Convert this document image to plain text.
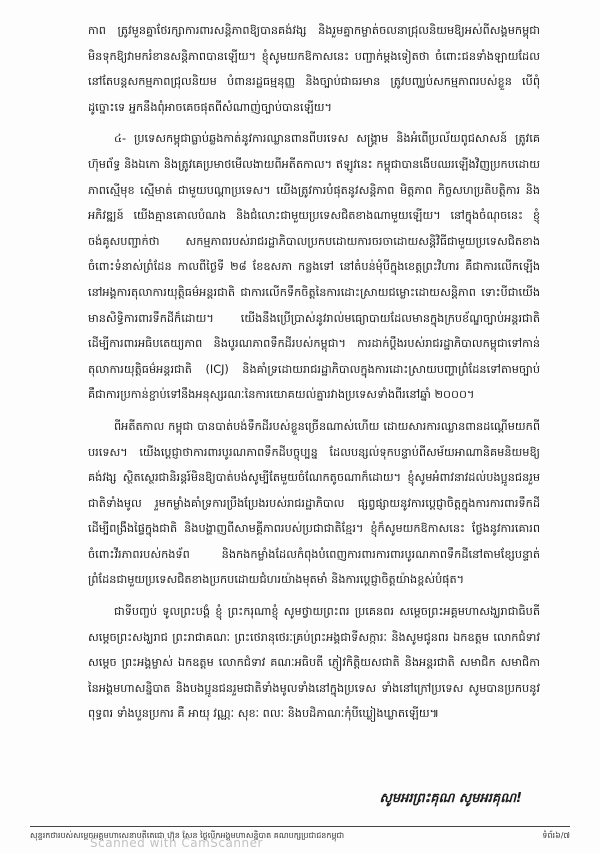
កាព ត្រូវមួនគ្នាថែរក្សាការពារសន្តិភាពឱ្យបានគង់វង្ស និងរួមគ្នាកម្ចាត់ចលនាជ្រុលនិយមឱ្យអស់ពីសង្គមកម្ពុជា មិនទុកឱ្យវាមករំខានសន្តិភាពបានឡើយ។ ខ្ញុំសូមយកឱកាសនេះ បញ្ជាក់ម្តងទៀតថា ចំពោះជនទាំងឡាយដែលនៅតែបន្តសកម្មភាពជ្រុលនិយម បំពានរដ្ឋធម្មនុញ្ញ និងច្បាប់ជាធរមាន ត្រូវបញ្ឈប់សកម្មភាពរបស់ខ្លួន បើពុំដូច្នោះទេ អ្នកនឹងពុំអាចគេចផុតពីសំណាញ់ច្បាប់បានឡើយ។

៤- ប្រទេសកម្ពុជាធ្លាប់ឆ្លងកាត់នូវការឈ្លានពានពីបរទេស សង្គ្រាម និងអំពើប្រល័យពូជសាសន៍ ត្រូវគេហ៊ុមព័ទ្ធ និងឯកោ និងត្រូវគេប្រមាថមើលងាយពីអតីតកាល។ ឥឡូវនេះ កម្ពុជាបានងើបឈរឡើងវិញប្រកបដោយភាពស្មើមុខ ស្មើមាត់ ជាមួយបណ្តាប្រទេស។ យើងត្រូវការបំផុតនូវសន្តិភាព មិត្តភាព កិច្ចសហប្រតិបត្តិការ និងអភិវឌ្ឍន៍ យើងគ្មានគោលបំណង និងជំលោះជាមួយប្រទេសជិតខាងណាមួយឡើយ។ នៅក្នុងចំណុចនេះ ខ្ញុំចង់គូសបញ្ជាក់ថា សកម្មភាពរបស់រាជរដ្ឋាភិបាលប្រកបដោយការចរចាដោយសន្តិវិធីជាមួយប្រទេសជិតខាង ចំពោះទំនាស់ព្រំដែន កាលពីថ្ងៃទី ២៨ ខែឧសភា កន្លងទៅ នៅតំបន់មុំបីក្នុងខេត្តព្រះវិហារ គឺជាការលើកឡើងនៅអង្គការតុលាការយុត្តិធម៌អន្តរជាតិ ជាការលើកទឹកចិត្តនៃការដោះស្រាយជម្លោះដោយសន្តិភាព ទោះបីជាយើងមានសិទ្ធិការពារទឹកដីក៏ដោយ។ យើងនឹងប្រើប្រាស់នូវរាល់មធ្យោបាយដែលមានក្នុងក្របខ័ណ្ឌច្បាប់អន្តរជាតិ ដើម្បីការពារអធិបតេយ្យភាព និងបូរណភាពទឹកដីរបស់កម្ពុជា។ ការដាក់ប្តឹងរបស់រាជរដ្ឋាភិបាលកម្ពុជាទៅកាន់តុលាការយុត្តិធម៌អន្តរជាតិ (ICJ) និងគាំទ្រដោយរាជរដ្ឋាភិបាលក្នុងការដោះស្រាយបញ្ហាព្រំដែនទៅតាមច្បាប់ គឺជាការប្រកាន់ខ្ជាប់ទៅនឹងអនុស្សរណៈនៃការយោគយល់គ្នារវាងប្រទេសទាំងពីរនៅឆ្នាំ ២០០០។

ពីអតីតកាល កម្ពុជា បានបាត់បង់ទឹកដីរបស់ខ្លួនច្រើនណាស់ហើយ ដោយសារការឈ្លានពានដណ្តើមយកពីបរទេស។ យើងប្តេជ្ញាថាការពារបូរណភាពទឹកដីបច្ចុប្បន្ន ដែលបន្សល់ទុកបន្ទាប់ពីសម័យអាណានិគមនិយមឱ្យគង់វង្ស ស្ថិតស្ថេរជានិរន្តរ៍មិនឱ្យបាត់បង់សូម្បីតែមួយចំណែកតូចណាក៏ដោយ។ ខ្ញុំសូមអំពាវនាវដល់បងប្អូនជនរួមជាតិទាំងមូល រួមកម្លាំងគាំទ្រការប្រឹងប្រែងរបស់រាជរដ្ឋាភិបាល ផ្សព្វផ្សាយនូវការប្តេជ្ញាចិត្តក្នុងការការពារទឹកដី ដើម្បីពង្រឹងផ្ទៃក្នុងជាតិ និងបង្ហាញពីសាមគ្គីភាពរបស់ប្រជាជាតិខ្មែរ។ ខ្ញុំក៏សូមយកឱកាសនេះ ថ្លែងនូវការគោរពចំពោះវីរភាពរបស់កងទ័ព និងកងកម្លាំងដែលកំពុងបំពេញការពារការពារបូរណភាពទឹកដីនៅតាមខ្សែបន្ទាត់ព្រំដែនជាមួយប្រទេសជិតខាងប្រកបដោយជំហរយ៉ាងមុតមាំ និងការប្តេជ្ញាចិត្តយ៉ាងខ្ពស់បំផុត។

ជាទីបញ្ចប់ ទូលព្រះបង្គំ ខ្ញុំ ព្រះករុណាខ្ញុំ សូមថ្វាយព្រះពរ ប្រគេនពរ សម្តេចព្រះអគ្គមហាសង្ឃរាជាធិបតី សម្តេចព្រះសង្ឃរាជ ព្រះរាជាគណៈ ព្រះថេរានុថេរៈគ្រប់ព្រះអង្គជាទីសក្ការៈ និងសូមជូនពរ ឯកឧត្តម លោកជំទាវ សម្តេច ព្រះអង្គម្ចាស់ ឯកឧត្តម លោកជំទាវ គណៈអធិបតី ភ្ញៀវកិត្តិយសជាតិ និងអន្តរជាតិ សមាជិក សមាជិកានៃអង្គមហាសន្និបាត និងបងប្អូនជនរួមជាតិទាំងមូលទាំងនៅក្នុងប្រទេស ទាំងនៅក្រៅប្រទេស សូមបានប្រកបនូវពុទ្ធពរ ទាំងបួនប្រការ គឺ អាយុ វណ្ណៈ សុខៈ ពលៈ និងបដិភាណៈកុំបីឃ្លៀងឃ្លាតឡើយ៕

សូមអរព្រះគុណ សូមអរគុណ!
សុន្ទរកថារបស់សម្តេចអគ្គមហាសេនាបតីតេជោ ហ៊ុន សែន ថ្ងៃបើកអង្គមហាសន្និបាត គណបក្សប្រជាជនកម្ពុជា	ទំព័រ៦/៧
Scanned with CamScanner
